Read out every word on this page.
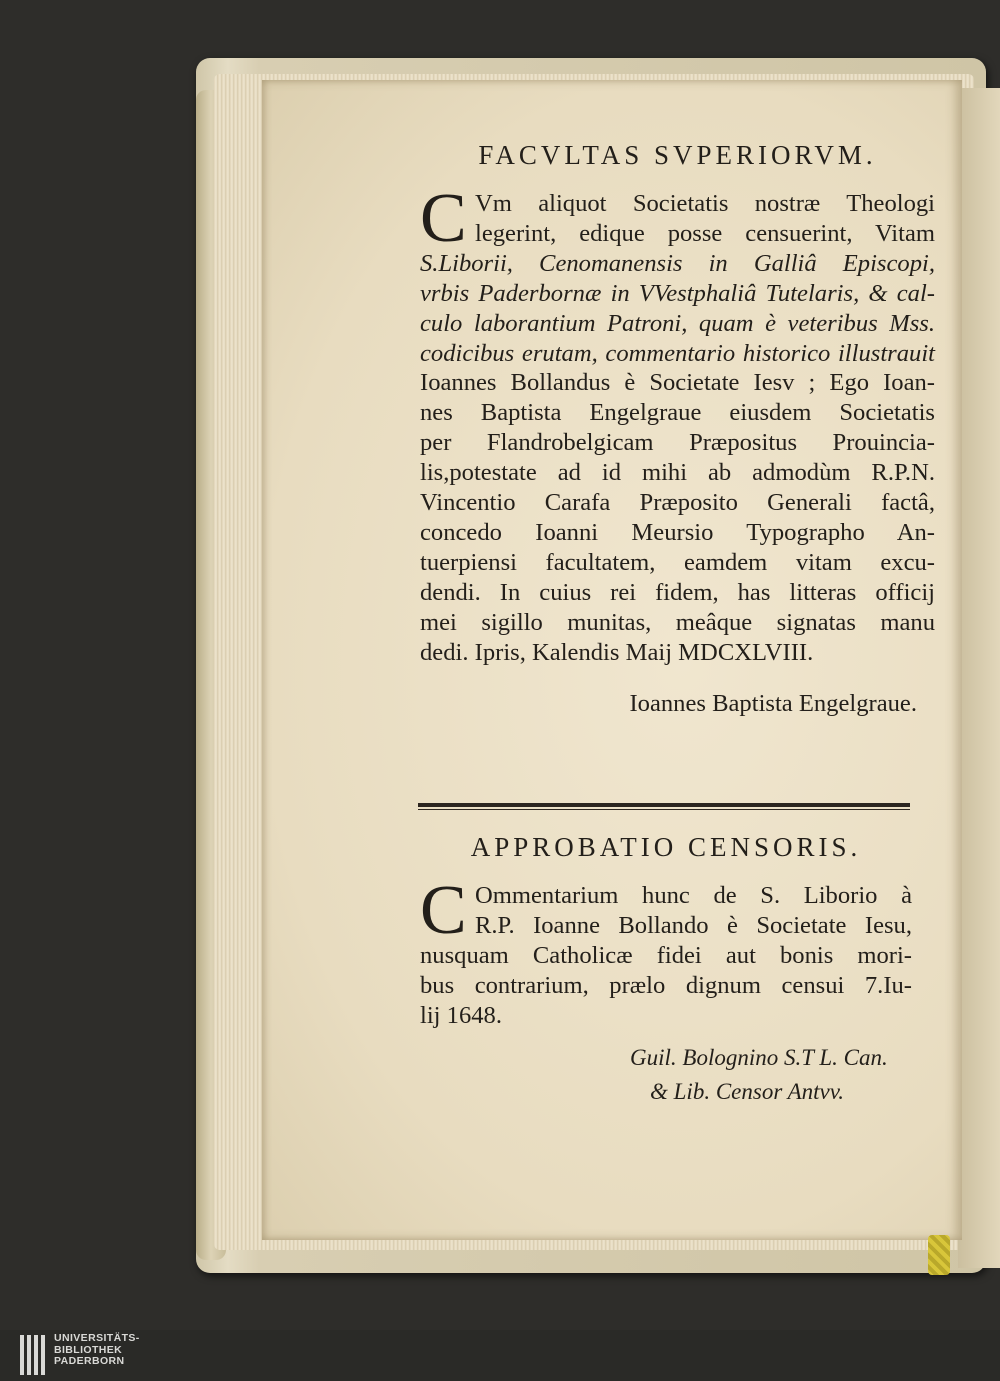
FACVLTAS SVPERIORVM.
C Vm aliquot Societatis nostræ Theologi
legerint, edique posse censuerint, Vitam
S.Liborii, Cenomanensis in Galliâ Episcopi,
vrbis Paderbornæ in VVestphaliâ Tutelaris, & cal-
culo laborantium Patroni, quam è veteribus Mss.
codicibus erutam, commentario historico illustrauit
Ioannes Bollandus è Societate Iesv ; Ego Ioan-
nes Baptista Engelgraue eiusdem Societatis
per Flandrobelgicam Præpositus Prouincia-
lis,potestate ad id mihi ab admodùm R.P.N.
Vincentio Carafa Præposito Generali factâ,
concedo Ioanni Meursio Typographo An-
tuerpiensi facultatem, eamdem vitam excu-
dendi. In cuius rei fidem, has litteras officij
mei sigillo munitas, meâque signatas manu
dedi. Ipris, Kalendis Maij MDCXLVIII.
Ioannes Baptista Engelgraue.
APPROBATIO CENSORIS.
C Ommentarium hunc de S. Liborio à
R.P. Ioanne Bollando è Societate Iesu,
nusquam Catholicæ fidei aut bonis mori-
bus contrarium, prælo dignum censui 7.Iu-
lij 1648.
Guil. Bolognino S.T L. Can.
& Lib. Censor Antvv.
UNIVERSITÄTS-
BIBLIOTHEK
PADERBORN
